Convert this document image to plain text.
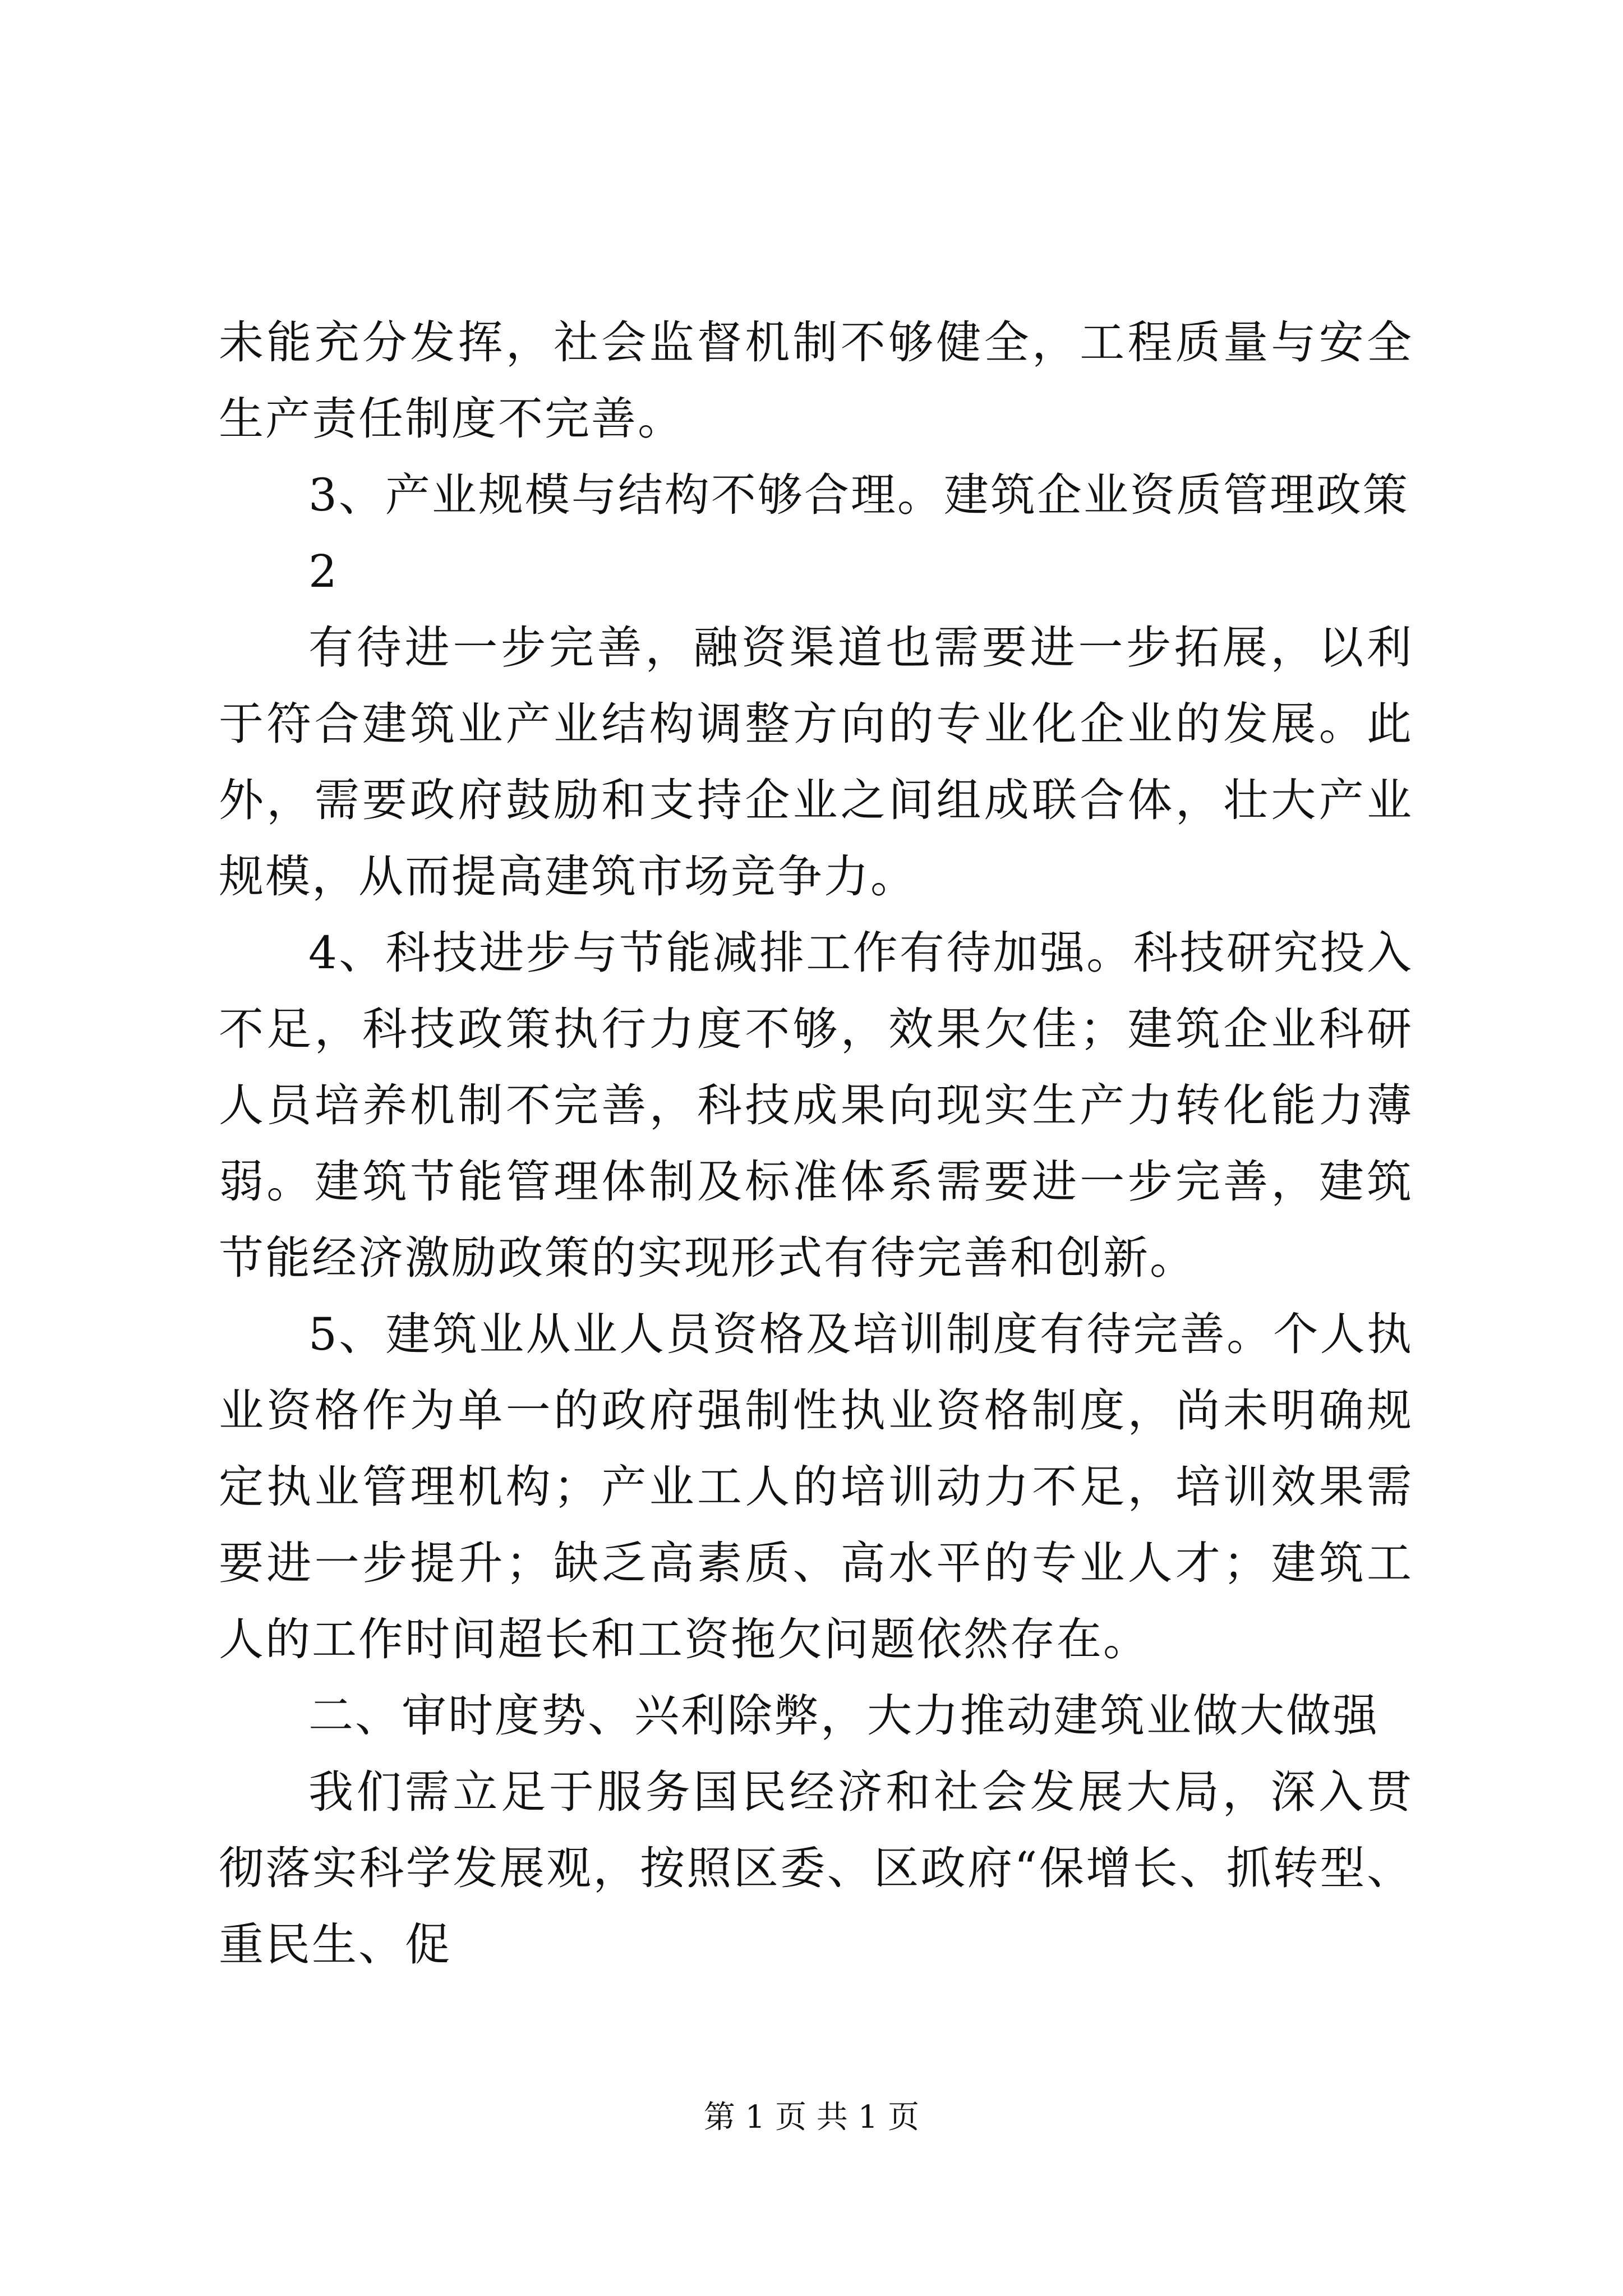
未能充分发挥，社会监督机制不够健全，工程质量与安全生产责任制度不完善。

3、产业规模与结构不够合理。建筑企业资质管理政策

2

有待进一步完善，融资渠道也需要进一步拓展，以利于符合建筑业产业结构调整方向的专业化企业的发展。此外，需要政府鼓励和支持企业之间组成联合体，壮大产业规模，从而提高建筑市场竞争力。

4、科技进步与节能减排工作有待加强。科技研究投入不足，科技政策执行力度不够，效果欠佳；建筑企业科研人员培养机制不完善，科技成果向现实生产力转化能力薄弱。建筑节能管理体制及标准体系需要进一步完善，建筑节能经济激励政策的实现形式有待完善和创新。

5、建筑业从业人员资格及培训制度有待完善。个人执业资格作为单一的政府强制性执业资格制度，尚未明确规定执业管理机构；产业工人的培训动力不足，培训效果需要进一步提升；缺乏高素质、高水平的专业人才；建筑工人的工作时间超长和工资拖欠问题依然存在。

二、审时度势、兴利除弊，大力推动建筑业做大做强

我们需立足于服务国民经济和社会发展大局，深入贯彻落实科学发展观，按照区委、区政府“保增长、抓转型、重民生、促

第 1 页 共 1 页
